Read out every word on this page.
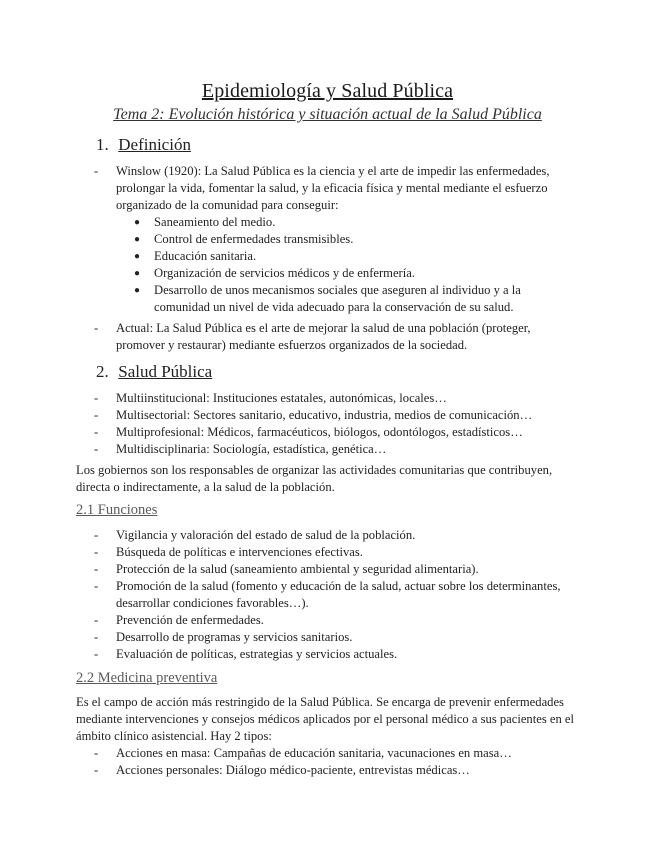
Epidemiología y Salud Pública
Tema 2: Evolución histórica y situación actual de la Salud Pública
1. Definición
- Winslow (1920): La Salud Pública es la ciencia y el arte de impedir las enfermedades, prolongar la vida, fomentar la salud, y la eficacia física y mental mediante el esfuerzo organizado de la comunidad para conseguir:
● Saneamiento del medio.
● Control de enfermedades transmisibles.
● Educación sanitaria.
● Organización de servicios médicos y de enfermería.
● Desarrollo de unos mecanismos sociales que aseguren al individuo y a la comunidad un nivel de vida adecuado para la conservación de su salud.
- Actual: La Salud Pública es el arte de mejorar la salud de una población (proteger, promover y restaurar) mediante esfuerzos organizados de la sociedad.
2. Salud Pública
- Multiinstitucional: Instituciones estatales, autonómicas, locales…
- Multisectorial: Sectores sanitario, educativo, industria, medios de comunicación…
- Multiprofesional: Médicos, farmacéuticos, biólogos, odontólogos, estadísticos…
- Multidisciplinaria: Sociología, estadística, genética…
Los gobiernos son los responsables de organizar las actividades comunitarias que contribuyen, directa o indirectamente, a la salud de la población.
2.1 Funciones
- Vigilancia y valoración del estado de salud de la población.
- Búsqueda de políticas e intervenciones efectivas.
- Protección de la salud (saneamiento ambiental y seguridad alimentaria).
- Promoción de la salud (fomento y educación de la salud, actuar sobre los determinantes, desarrollar condiciones favorables…).
- Prevención de enfermedades.
- Desarrollo de programas y servicios sanitarios.
- Evaluación de políticas, estrategias y servicios actuales.
2.2 Medicina preventiva
Es el campo de acción más restringido de la Salud Pública. Se encarga de prevenir enfermedades mediante intervenciones y consejos médicos aplicados por el personal médico a sus pacientes en el ámbito clínico asistencial. Hay 2 tipos:
- Acciones en masa: Campañas de educación sanitaria, vacunaciones en masa…
- Acciones personales: Diálogo médico-paciente, entrevistas médicas…
